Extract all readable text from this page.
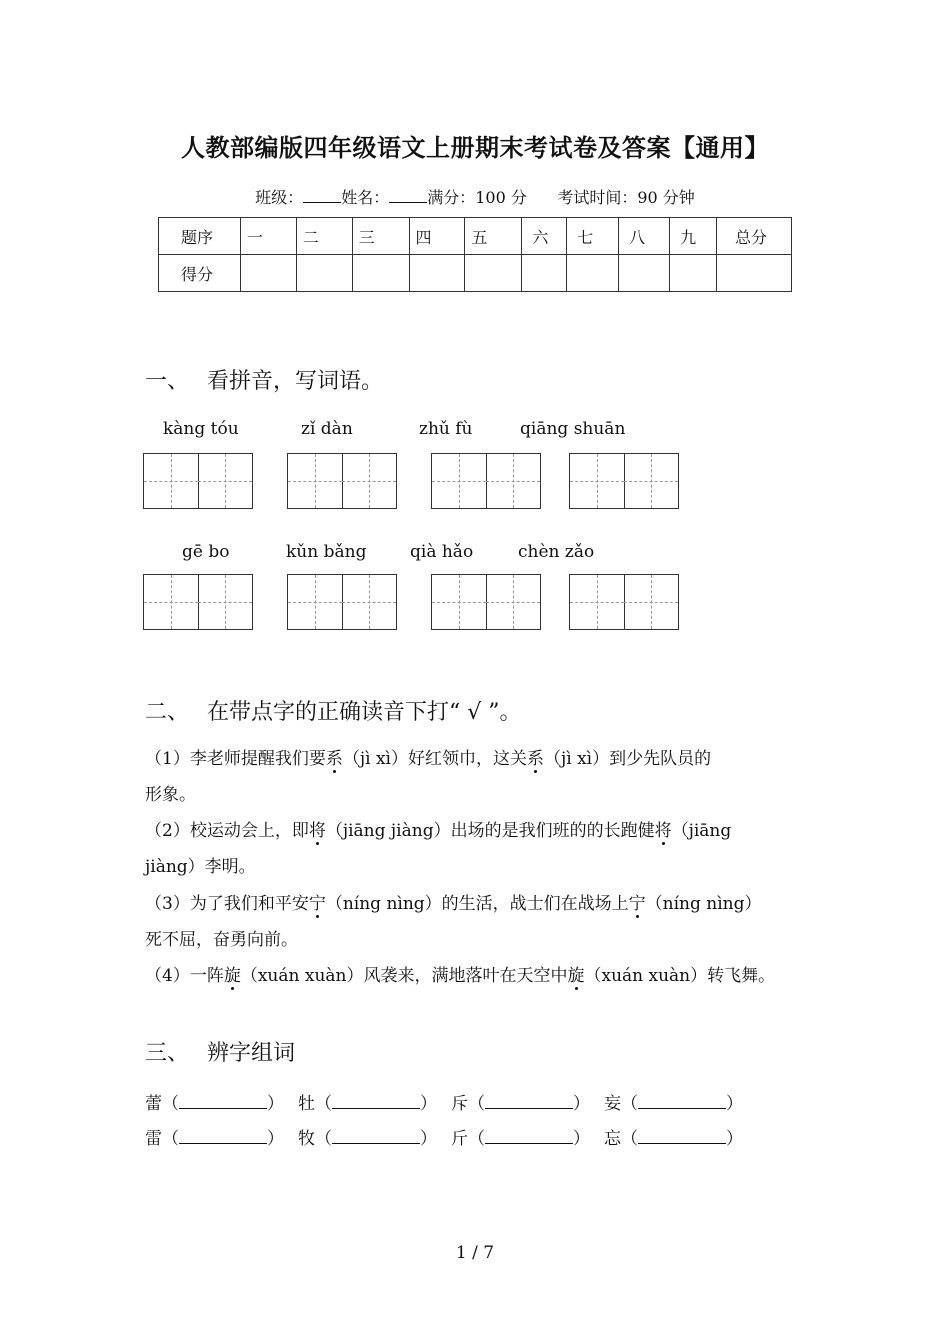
人教部编版四年级语文上册期末考试卷及答案【通用】
班级： 姓名： 满分：100 分 考试时间：90 分钟
题序	一	二	三	四	五	六	七	八	九	总分
得分										
一、 看拼音，写词语。
kàng tóu	zǐ dàn	zhǔ fù	qiāng shuān
gē bo	kǔn bǎng	qià hǎo	chèn zǎo
二、 在带点字的正确读音下打“ √ ”。
（1）李老师提醒我们要系（jì xì）好红领巾，这关系（jì xì）到少先队员的
形象。
（2）校运动会上，即将（jiāng jiàng）出场的是我们班的的长跑健将（jiāng
jiàng）李明。
（3）为了我们和平安宁（níng nìng）的生活，战士们在战场上宁（níng nìng）
死不屈，奋勇向前。
（4）一阵旋（xuán xuàn）风袭来，满地落叶在天空中旋（xuán xuàn）转飞舞。
三、 辨字组词
蕾（	） 牡（	） 斥（	） 妄（	）
雷（	） 牧（	） 斤（	） 忘（	）
1 / 7
